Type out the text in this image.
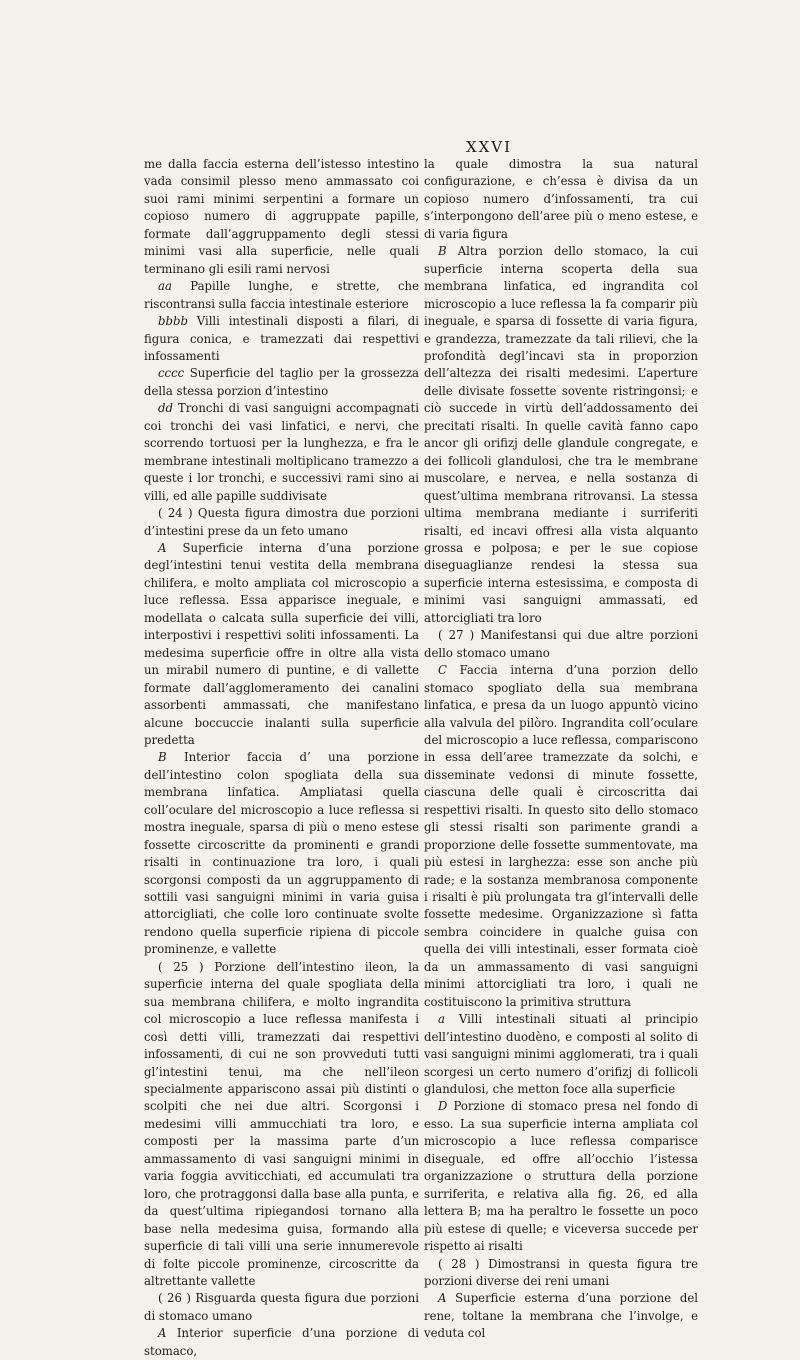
XXVI

me dalla faccia esterna dell’istesso intestino vada consimil plesso meno ammassato coi suoi rami minimi serpentini a formare un copioso numero di aggruppate papille, formate dall’aggruppamento degli stessi minimi vasi alla superficie, nelle quali terminano gli esili rami nervosi

aa Papille lunghe, e strette, che riscontransi sulla faccia intestinale esteriore

bbbb Villi intestinali disposti a filari, di figura conica, e tramezzati dai respettivi infossamenti

cccc Superficie del taglio per la grossezza della stessa porzion d’intestino

dd Tronchi di vasi sanguigni accompagnati coi tronchi dei vasi linfatici, e nervi, che scorrendo tortuosi per la lunghezza, e fra le membrane intestinali moltiplicano tramezzo a queste i lor tronchi, e successivi rami sino ai villi, ed alle papille suddivisate

( 24 ) Questa figura dimostra due porzioni d’intestini prese da un feto umano

A Superficie interna d’una porzione degl’intestini tenui vestita della membrana chilifera, e molto ampliata col microscopio a luce reflessa. Essa apparisce ineguale, e modellata o calcata sulla superficie dei villi, interpostivi i respettivi soliti infossamenti. La medesima superficie offre in oltre alla vista un mirabil numero di puntine, e di vallette formate dall’agglomeramento dei canalini assorbenti ammassati, che manifestano alcune boccuccie inalanti sulla superficie predetta

B Interior faccia d’ una porzione dell’intestino colon spogliata della sua membrana linfatica. Ampliatasi quella coll’oculare del microscopio a luce reflessa si mostra ineguale, sparsa di più o meno estese fossette circoscritte da prominenti e grandi risalti in continuazione tra loro, i quali scorgonsi composti da un aggruppamento di sottili vasi sanguigni minimi in varia guisa attorcigliati, che colle loro continuate svolte rendono quella superficie ripiena di piccole prominenze, e vallette

( 25 ) Porzione dell’intestino ileon, la superficie interna del quale spogliata della sua membrana chilifera, e molto ingrandita col microscopio a luce reflessa manifesta i così detti villi, tramezzati dai respettivi infossamenti, di cui ne son provveduti tutti gl’intestini tenui, ma che nell’ileon specialmente appariscono assai più distinti o scolpiti che nei due altri. Scorgonsi i medesimi villi ammucchiati tra loro, e composti per la massima parte d’un ammassamento di vasi sanguigni minimi in varia foggia avviticchiati, ed accumulati tra loro, che protraggonsi dalla base alla punta, e da quest’ultima ripiegandosi tornano alla base nella medesima guisa, formando alla superficie di tali villi una serie innumerevole di folte piccole prominenze, circoscritte da altrettante vallette

( 26 ) Risguarda questa figura due porzioni di stomaco umano

A Interior superficie d’una porzione di stomaco,

la quale dimostra la sua natural configurazione, e ch’essa è divisa da un copioso numero d’infossamenti, tra cui s’interpongono dell’aree più o meno estese, e di varia figura

B Altra porzion dello stomaco, la cui superficie interna scoperta della sua membrana linfatica, ed ingrandita col microscopio a luce reflessa la fa comparir più ineguale, e sparsa di fossette di varia figura, e grandezza, tramezzate da tali rilievi, che la profondità degl’incavi sta in proporzion dell’altezza dei risalti medesimi. L’aperture delle divisate fossette sovente ristringonsi; e ciò succede in virtù dell’addossamento dei precitati risalti. In quelle cavità fanno capo ancor gli orifizj delle glandule congregate, e dei follicoli glandulosi, che tra le membrane muscolare, e nervea, e nella sostanza di quest’ultima membrana ritrovansi. La stessa ultima membrana mediante i surriferiti risalti, ed incavi offresi alla vista alquanto grossa e polposa; e per le sue copiose diseguaglianze rendesi la stessa sua superficie interna estesissima, e composta di minimi vasi sanguigni ammassati, ed attorcigliati tra loro

( 27 ) Manifestansi qui due altre porzioni dello stomaco umano

C Faccia interna d’una porzion dello stomaco spogliato della sua membrana linfatica, e presa da un luogo appuntò vicino alla valvula del pilòro. Ingrandita coll’oculare del microscopio a luce reflessa, compariscono in essa dell’aree tramezzate da solchi, e disseminate vedonsi di minute fossette, ciascuna delle quali è circoscritta dai respettivi risalti. In questo sito dello stomaco gli stessi risalti son parimente grandi a proporzione delle fossette summentovate, ma più estesi in larghezza: esse son anche più rade; e la sostanza membranosa componente i risalti è più prolungata tra gl’intervalli delle fossette medesime. Organizzazione sì fatta sembra coincidere in qualche guisa con quella dei villi intestinali, esser formata cioè da un ammassamento di vasi sanguigni minimi attorcigliati tra loro, i quali ne costituiscono la primitiva struttura

a Villi intestinali situati al principio dell’intestino duodèno, e composti al solito di vasi sanguigni minimi agglomerati, tra i quali scorgesi un certo numero d’orifizj di follicoli glandulosi, che metton foce alla superficie

D Porzione di stomaco presa nel fondo di esso. La sua superficie interna ampliata col microscopio a luce reflessa comparisce diseguale, ed offre all’occhio l’istessa organizzazione o struttura della porzione surriferita, e relativa alla fig. 26, ed alla lettera B; ma ha peraltro le fossette un poco più estese di quelle; e viceversa succede per rispetto ai risalti

( 28 ) Dimostransi in questa figura tre porzioni diverse dei reni umani

A Superficie esterna d’una porzione del rene, toltane la membrana che l’involge, e veduta col
